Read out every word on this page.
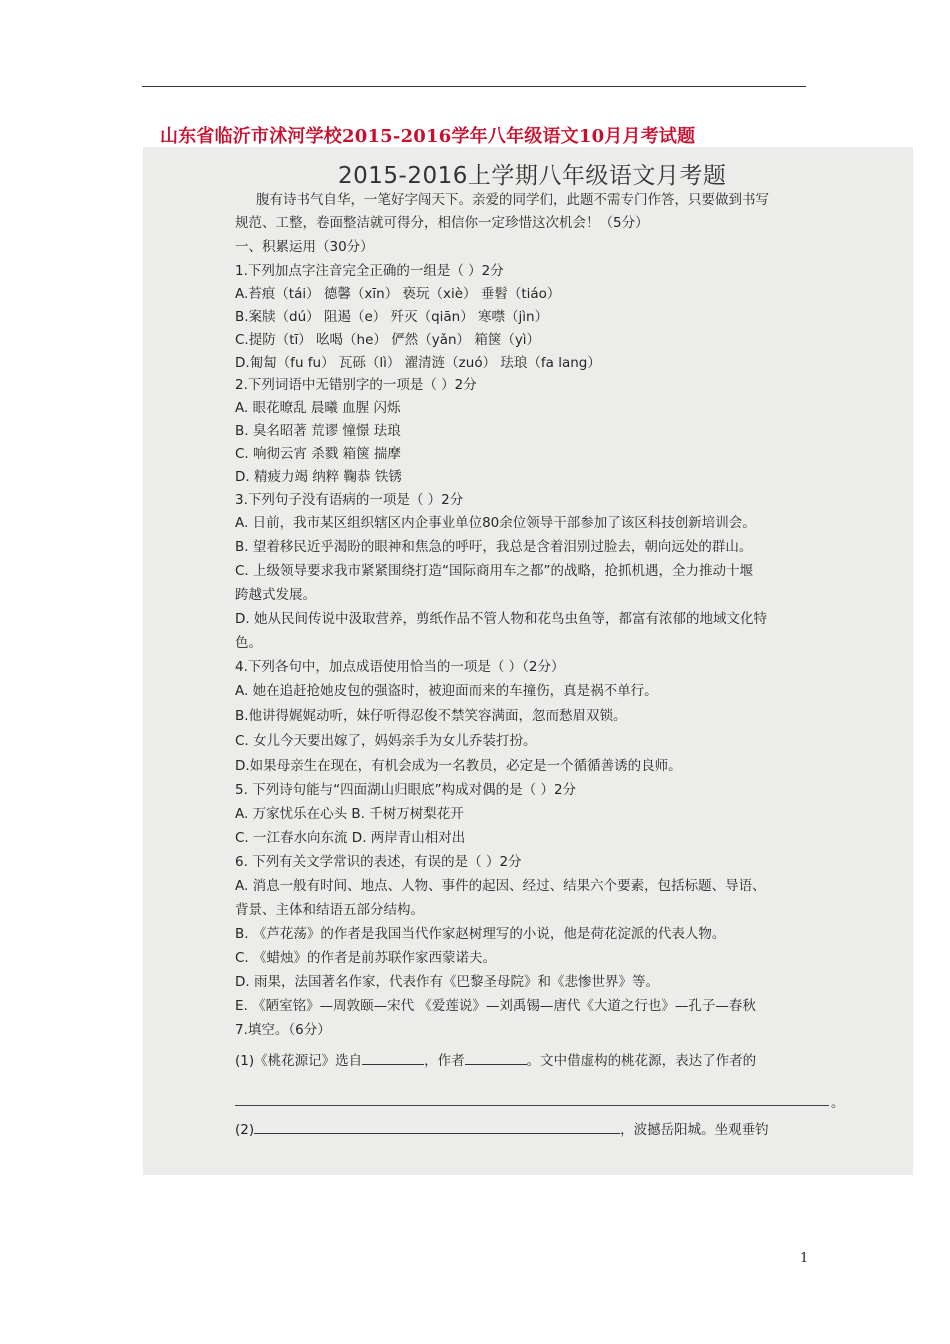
山东省临沂市沭河学校2015-2016学年八年级语文10月月考试题
2015-2016上学期八年级语文月考题
腹有诗书气自华，一笔好字闯天下。亲爱的同学们，此题不需专门作答，只要做到书写
规范、工整，卷面整洁就可得分，相信你一定珍惜这次机会！（5分）
一、积累运用（30分）
1.下列加点字注音完全正确的一组是（ ）2分
A.苔痕（tái） 德馨（xīn） 亵玩（xiè） 垂髫（tiáo）
B.案牍（dú） 阻遏（e） 歼灭（qiān） 寒噤（jìn）
C.提防（tī） 吆喝（he） 俨然（yǎn） 箱箧（yì）
D.匍匐（fu fu） 瓦砾（lì） 濯清涟（zuó） 珐琅（fa lang）
2.下列词语中无错别字的一项是（ ）2分
A. 眼花暸乱 晨曦 血腥 闪烁
B. 臭名昭著 荒谬 憧憬 珐琅
C. 响彻云宵 杀戮 箱箧 揣摩
D. 精疲力竭 纳粹 鞠恭 铁锈
3.下列句子没有语病的一项是（ ）2分
A. 日前，我市某区组织辖区内企事业单位80余位领导干部参加了该区科技创新培训会。
B. 望着移民近乎渴盼的眼神和焦急的呼吁，我总是含着泪别过脸去，朝向远处的群山。
C. 上级领导要求我市紧紧围绕打造“国际商用车之都”的战略，抢抓机遇，全力推动十堰
跨越式发展。
D. 她从民间传说中汲取营养，剪纸作品不管人物和花鸟虫鱼等，都富有浓郁的地域文化特
色。
4.下列各句中，加点成语使用恰当的一项是（ ）（2分）
A. 她在追赶抢她皮包的强盗时，被迎面而来的车撞伤，真是祸不单行。
B.他讲得娓娓动听，妹仔听得忍俊不禁笑容满面，忽而愁眉双锁。
C. 女儿今天要出嫁了，妈妈亲手为女儿乔装打扮。
D.如果母亲生在现在，有机会成为一名教员，必定是一个循循善诱的良师。
5. 下列诗句能与“四面湖山归眼底”构成对偶的是（ ）2分
A. 万家忧乐在心头 B. 千树万树梨花开
C. 一江春水向东流 D. 两岸青山相对出
6. 下列有关文学常识的表述，有误的是（ ）2分
A. 消息一般有时间、地点、人物、事件的起因、经过、结果六个要素，包括标题、导语、
背景、主体和结语五部分结构。
B. 《芦花荡》的作者是我国当代作家赵树理写的小说，他是荷花淀派的代表人物。
C. 《蜡烛》的作者是前苏联作家西蒙诺夫。
D. 雨果，法国著名作家，代表作有《巴黎圣母院》和《悲惨世界》等。
E. 《陋室铭》—周敦颐—宋代 《爱莲说》—刘禹锡—唐代《大道之行也》—孔子—春秋
7.填空。（6分）
(1)《桃花源记》选自	，作者	。文中借虚构的桃花源，表达了作者的
。
(2)	，波撼岳阳城。坐观垂钓
1
